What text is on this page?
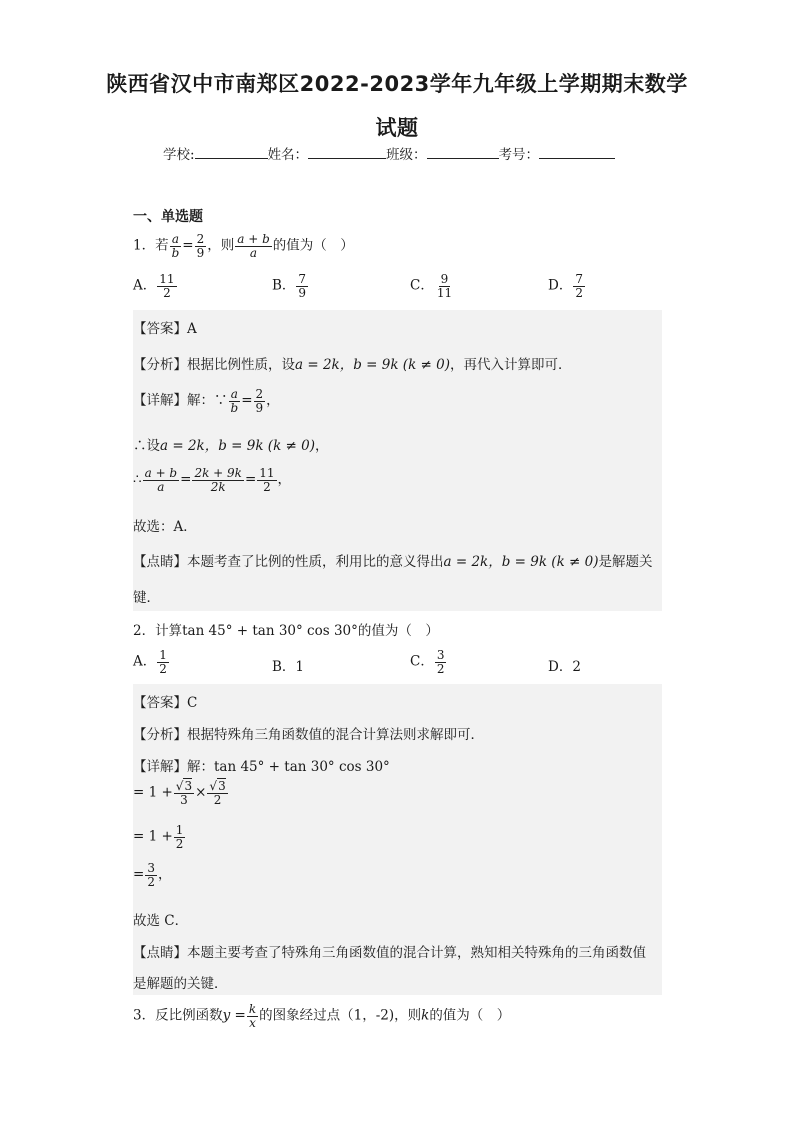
陕西省汉中市南郑区2022-2023学年九年级上学期期末数学
试题
学校:	姓名：	班级：	考号：
一、单选题
1．若 $\frac{a}{b} = \frac{2}{9}$ ，则 $\frac{a + b}{a}$ 的值为（　）
A． $\frac{11}{2}$	B． $\frac{7}{9}$	C． $\frac{9}{11}$	D． $\frac{7}{2}$
【答案】A
【分析】根据比例性质，设a = 2k，b = 9k (k ≠ 0)，再代入计算即可．
【详解】解：∵ $\frac{a}{b} = \frac{2}{9}$ ，
∴设a = 2k，b = 9k (k ≠ 0)，
∴ $\frac{a + b}{a} = \frac{2k + 9k}{2k} = \frac{11}{2}$ ，
故选：A．
【点睛】本题考查了比例的性质，利用比的意义得出a = 2k，b = 9k (k ≠ 0)是解题关
键．
2．计算tan 45° + tan 30° cos 30°的值为（　）
A． $\frac{1}{2}$	B．1	C． $\frac{3}{2}$	D．2
【答案】C
【分析】根据特殊角三角函数值的混合计算法则求解即可．
【详解】解：tan 45° + tan 30° cos 30°
= $1 + \frac{√3}{3} \times \frac{√3}{2}$
= $1 + \frac{1}{2}$
= $\frac{3}{2}$ ，
故选 C．
【点睛】本题主要考查了特殊角三角函数值的混合计算，熟知相关特殊角的三角函数值
是解题的关键．
3．反比例函数$y = \frac{k}{x}$ 的图象经过点（1，-2)，则k的值为（　）
